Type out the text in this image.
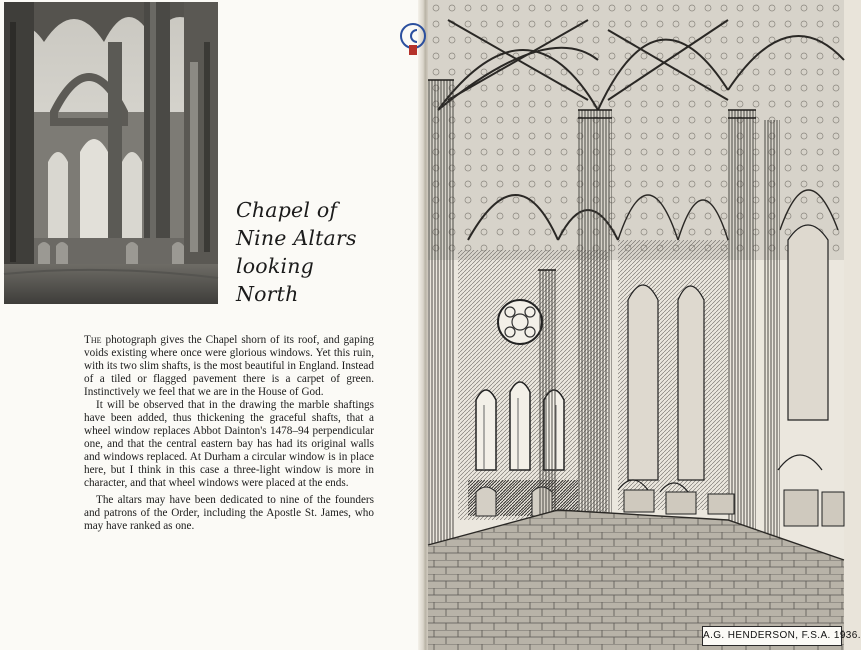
Chapel of
Nine Altars
looking
North

The photograph gives the Chapel shorn of its roof, and gaping voids existing where once were glorious windows. Yet this ruin, with its two slim shafts, is the most beautiful in England. Instead of a tiled or flagged pavement there is a carpet of green. Instinctively we feel that we are in the House of God.

It will be observed that in the drawing the marble shaftings have been added, thus thickening the graceful shafts, that a wheel window replaces Abbot Dainton's 1478–94 perpendicular one, and that the central eastern bay has had its original walls and windows replaced. At Durham a circular window is in place here, but I think in this case a three-light window is more in character, and that wheel windows were placed at the ends.

The altars may have been dedicated to nine of the founders and patrons of the Order, including the Apostle St. James, who may have ranked as one.

A.G. HENDERSON, F.S.A. 1936.
